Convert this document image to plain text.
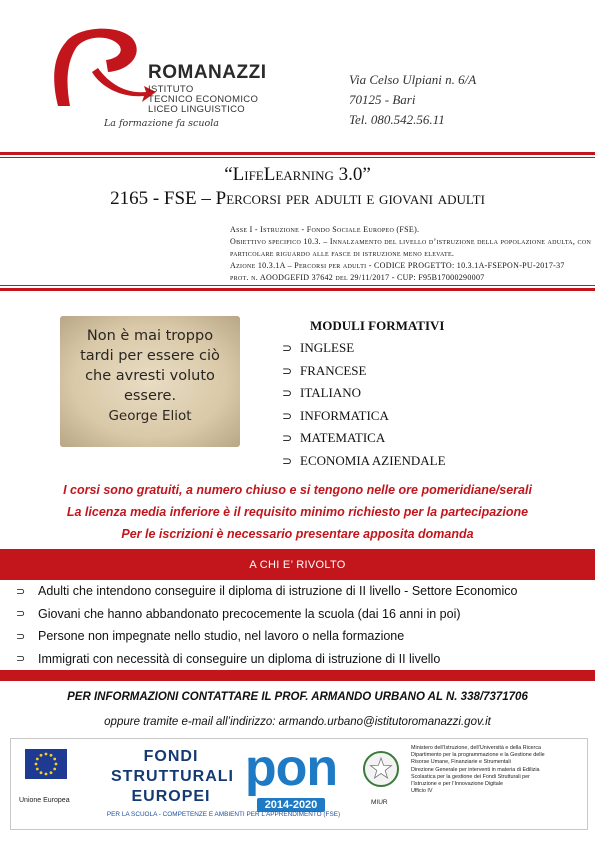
ROMANAZZI
ISTITUTO
TECNICO ECONOMICO
LICEO LINGUISTICO
La formazione fa scuola
Via Celso Ulpiani n. 6/A
70125 - Bari
Tel. 080.542.56.11
“LifeLearning 3.0”
2165 - FSE – Percorsi per adulti e giovani adulti
Asse I - Istruzione - Fondo Sociale Europeo (FSE).
Obiettivo specifico 10.3. – Innalzamento del livello d’istruzione della popolazione adulta, con
particolare riguardo alle fasce di istruzione meno elevate.
Azione 10.3.1A – Percorsi per adulti - CODICE PROGETTO: 10.3.1A-FSEPON-PU-2017-37
prot. n. AOODGEFID 37642 del 29/11/2017 - CUP: F95B17000290007
Non è mai troppo
tardi per essere ciò
che avresti voluto
essere.
George Eliot
MODULI FORMATIVI
⊃ INGLESE
⊃ FRANCESE
⊃ ITALIANO
⊃ INFORMATICA
⊃ MATEMATICA
⊃ ECONOMIA AZIENDALE
I corsi sono gratuiti, a numero chiuso e si tengono nelle ore pomeridiane/serali
La licenza media inferiore è il requisito minimo richiesto per la partecipazione
Per le iscrizioni è necessario presentare apposita domanda
A CHI E’ RIVOLTO
⊃	Adulti che intendono conseguire il diploma di istruzione di II livello - Settore Economico
⊃	Giovani che hanno abbandonato precocemente la scuola (dai 16 anni in poi)
⊃	Persone non impegnate nello studio, nel lavoro o nella formazione
⊃	Immigrati con necessità di conseguire un diploma di istruzione di II livello
PER INFORMAZIONI CONTATTARE IL PROF. ARMANDO URBANO AL N. 338/7371706
oppure tramite e-mail all’indirizzo: armando.urbano@istitutoromanazzi.gov.it
Unione Europea
FONDI
STRUTTURALI
EUROPEI pon
2014-2020
PER LA SCUOLA - COMPETENZE E AMBIENTI PER L’APPRENDIMENTO (FSE)
MIUR
Ministero dell’Istruzione, dell’Università e della Ricerca
Dipartimento per la programmazione e la Gestione delle
Risorse Umane, Finanziarie e Strumentali
Direzione Generale per interventi in materia di Edilizia
Scolastica per la gestione dei Fondi Strutturali per
l’Istruzione e per l’Innovazione Digitale
Ufficio IV
